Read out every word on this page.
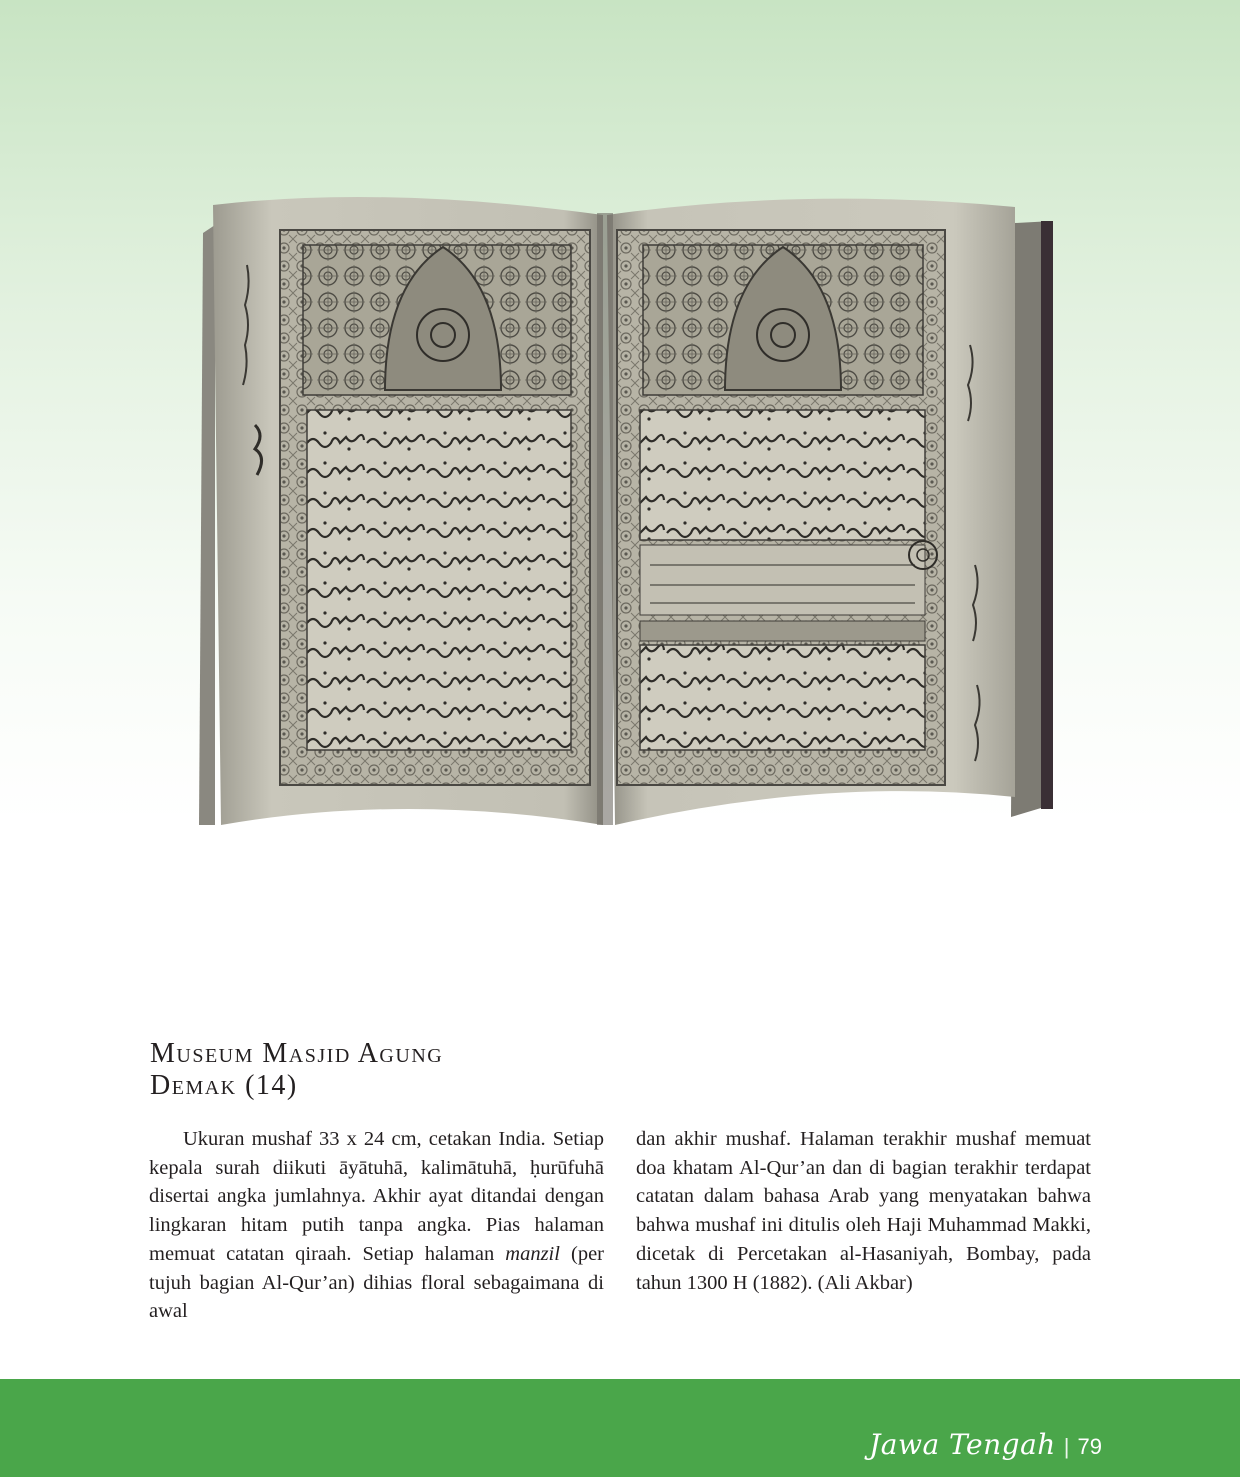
Museum Masjid Agung
Demak (14)

Ukuran mushaf 33 x 24 cm, cetakan India. Setiap kepala surah diikuti āyātuhā, kalimātuhā, ḥurūfuhā disertai angka jumlahnya. Akhir ayat ditandai dengan lingkaran hitam putih tanpa angka. Pias halaman memuat catatan qiraah. Setiap halaman manzil (per tujuh bagian Al-Qur’an) dihias floral sebagaimana di awal

dan akhir mushaf. Halaman terakhir mushaf memuat doa khatam Al-Qur’an dan di bagian terakhir terdapat catatan dalam bahasa Arab yang menyatakan bahwa bahwa mushaf ini ditulis oleh Haji Muhammad Makki, dicetak di Percetakan al-Hasaniyah, Bombay, pada tahun 1300 H (1882). (Ali Akbar)

Jawa Tengah | 79
